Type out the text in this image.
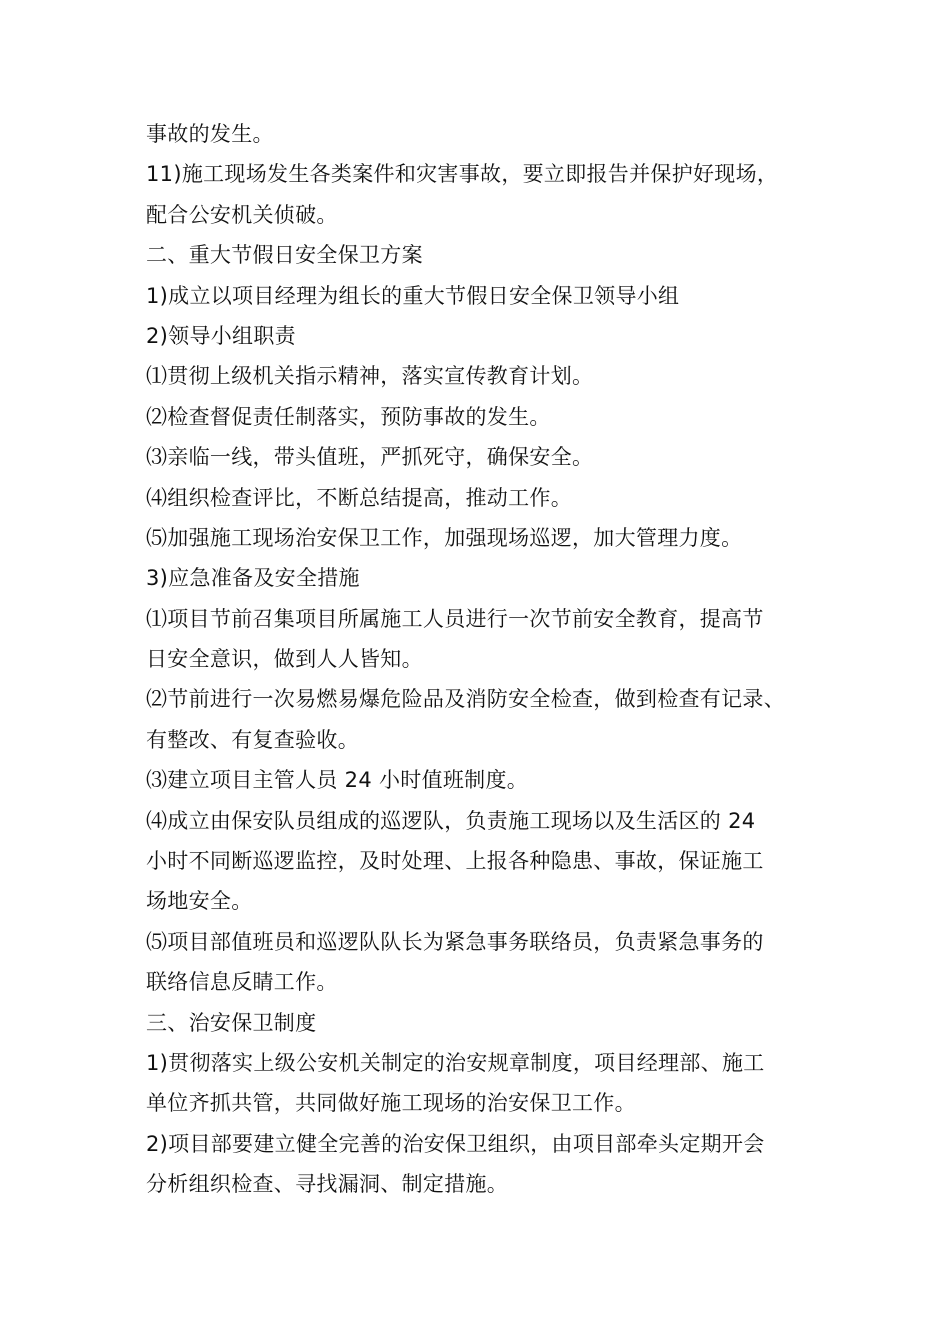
事故的发生。
11)施工现场发生各类案件和灾害事故，要立即报告并保护好现场，
配合公安机关侦破。
二、重大节假日安全保卫方案
1)成立以项目经理为组长的重大节假日安全保卫领导小组
2)领导小组职责
⑴贯彻上级机关指示精神，落实宣传教育计划。
⑵检查督促责任制落实，预防事故的发生。
⑶亲临一线，带头值班，严抓死守，确保安全。
⑷组织检查评比，不断总结提高，推动工作。
⑸加强施工现场治安保卫工作，加强现场巡逻，加大管理力度。
3)应急准备及安全措施
⑴项目节前召集项目所属施工人员进行一次节前安全教育，提高节
日安全意识，做到人人皆知。
⑵节前进行一次易燃易爆危险品及消防安全检查，做到检查有记录、
有整改、有复查验收。
⑶建立项目主管人员 24 小时值班制度。
⑷成立由保安队员组成的巡逻队，负责施工现场以及生活区的 24
小时不同断巡逻监控，及时处理、上报各种隐患、事故，保证施工
场地安全。
⑸项目部值班员和巡逻队队长为紧急事务联络员，负责紧急事务的
联络信息反睛工作。
三、治安保卫制度
1)贯彻落实上级公安机关制定的治安规章制度，项目经理部、施工
单位齐抓共管，共同做好施工现场的治安保卫工作。
2)项目部要建立健全完善的治安保卫组织，由项目部牵头定期开会
分析组织检查、寻找漏洞、制定措施。
